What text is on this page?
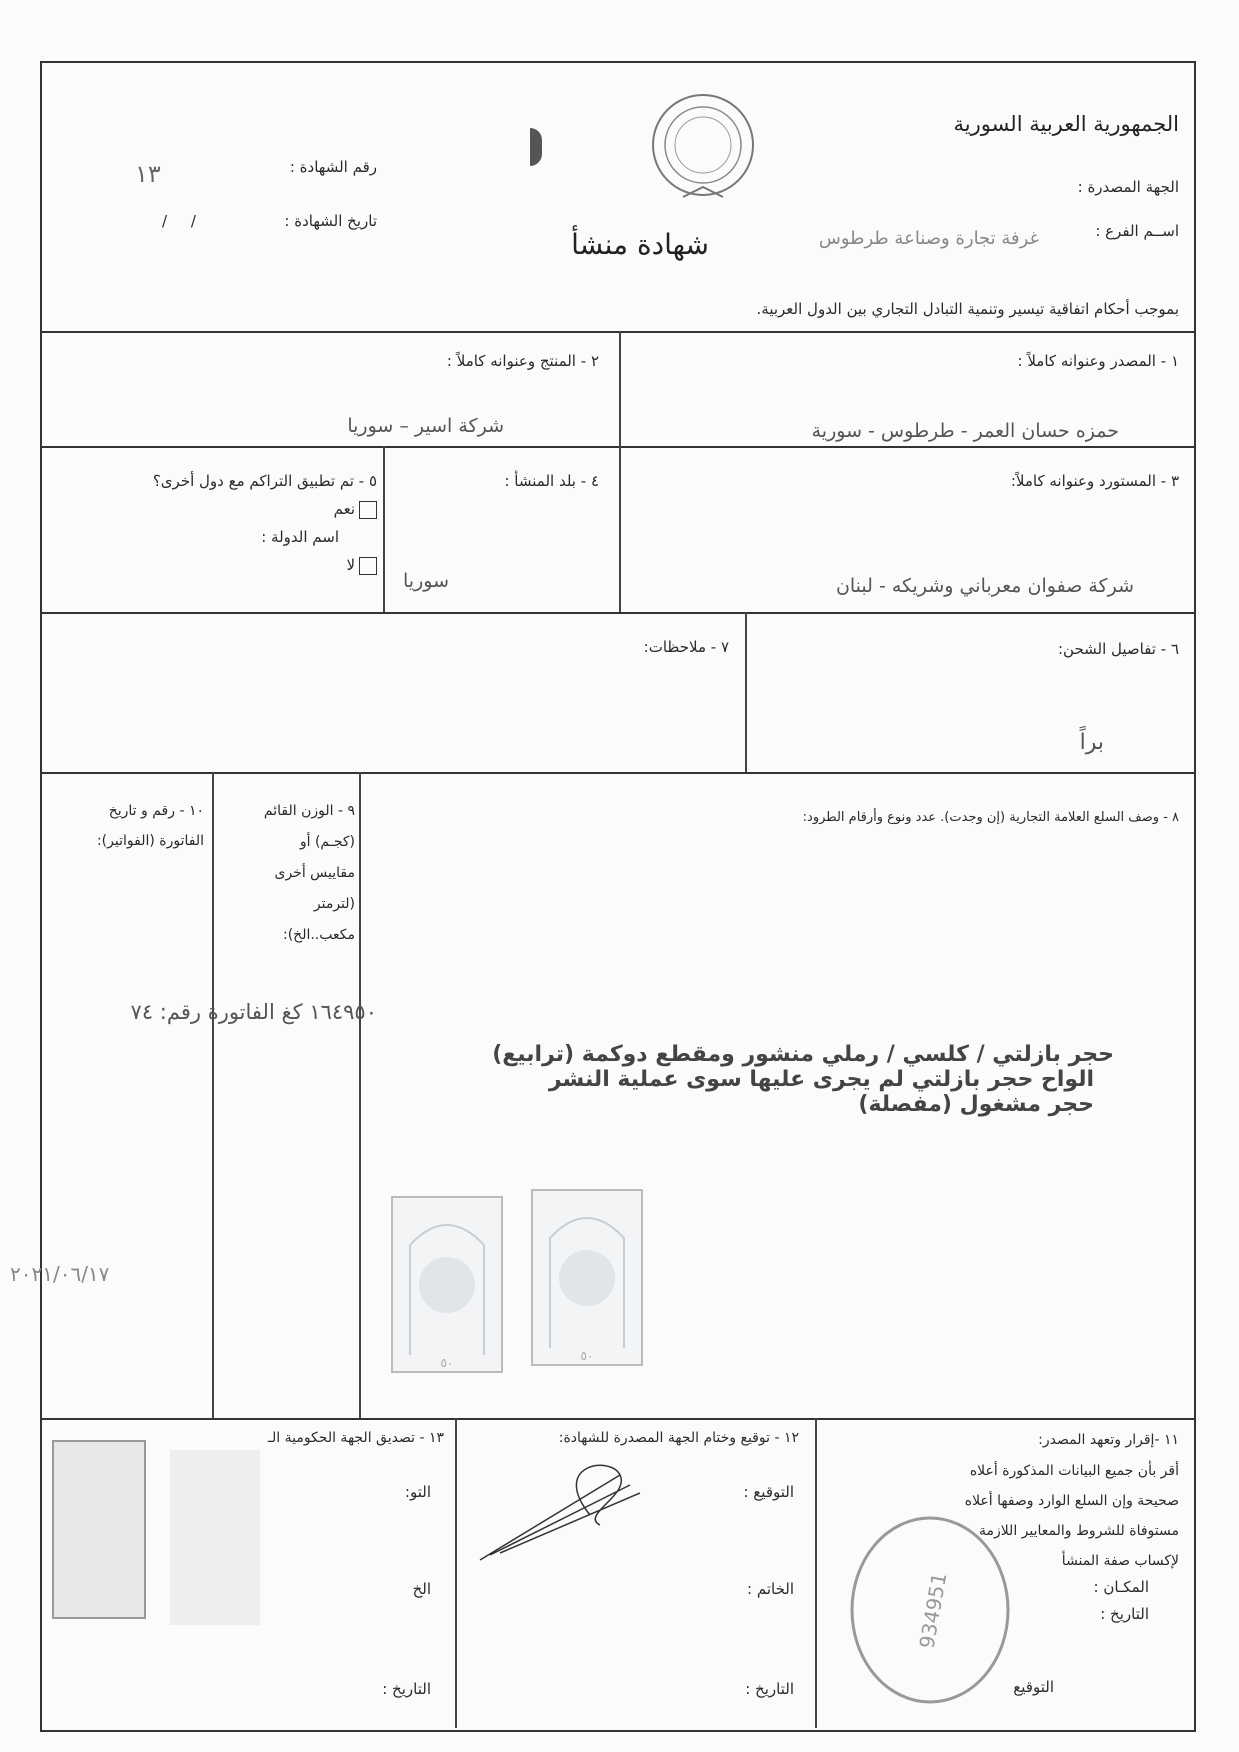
الجمهورية العربية السورية
الجهة المصدرة :
اســم الفرع :
غرفة تجارة وصناعة طرطوس
شهادة منشأ
رقم الشهادة :
١٣
تاريخ الشهادة :
/     /
بموجب أحكام اتفاقية تيسير وتنمية التبادل التجاري بين الدول العربية.
١ - المصدر وعنوانه كاملاً :
حمزه حسان العمر - طرطوس - سورية
٢ - المنتج وعنوانه كاملاً :
شركة اسير – سوريا
٣ - المستورد وعنوانه كاملاً:
شركة صفوان معرباني وشريكه - لبنان
٤ - بلد المنشأ :
سوريا
٥ - تم تطبيق التراكم مع دول أخرى؟
نعم
اسم الدولة :
لا
٦ - تفاصيل الشحن:
براً
٧ - ملاحظات:
٨ - وصف السلع العلامة التجارية (إن وجدت). عدد ونوع وأرقام الطرود:
حجر بازلتي / كلسي / رملي منشور ومقطع دوكمة (ترابيع)
الواح حجر بازلتي لم يجرى عليها سوى عملية النشر
حجر مشغول (مفصلة)
٩ - الوزن القائم
(كجـم) أو
مقاييس أخرى
(لترمتر
مكعب..الخ):
١٠ - رقم و تاريخ
الفاتورة (الفواتير):
١٦٤٩٥٠ كغ الفاتورة رقم: ٧٤
٢٠٢١/٠٦/١٧
٥٠	٥٠
١١ -إقرار وتعهد المصدر:
أقر بأن جميع البيانات المذكورة أعلاه
صحيحة وإن السلع الوارد وصفها أعلاه
مستوفاة للشروط والمعايير اللازمة
لإكساب صفة المنشأ
المكـان :
التاريخ :
التوقيع
934951
١٢ - توقيع وختام الجهة المصدرة للشهادة:
التوقيع :
الخاتم :
التاريخ :
١٣ - تصديق الجهة الحكومية الـ
التو:
الخ
التاريخ :
